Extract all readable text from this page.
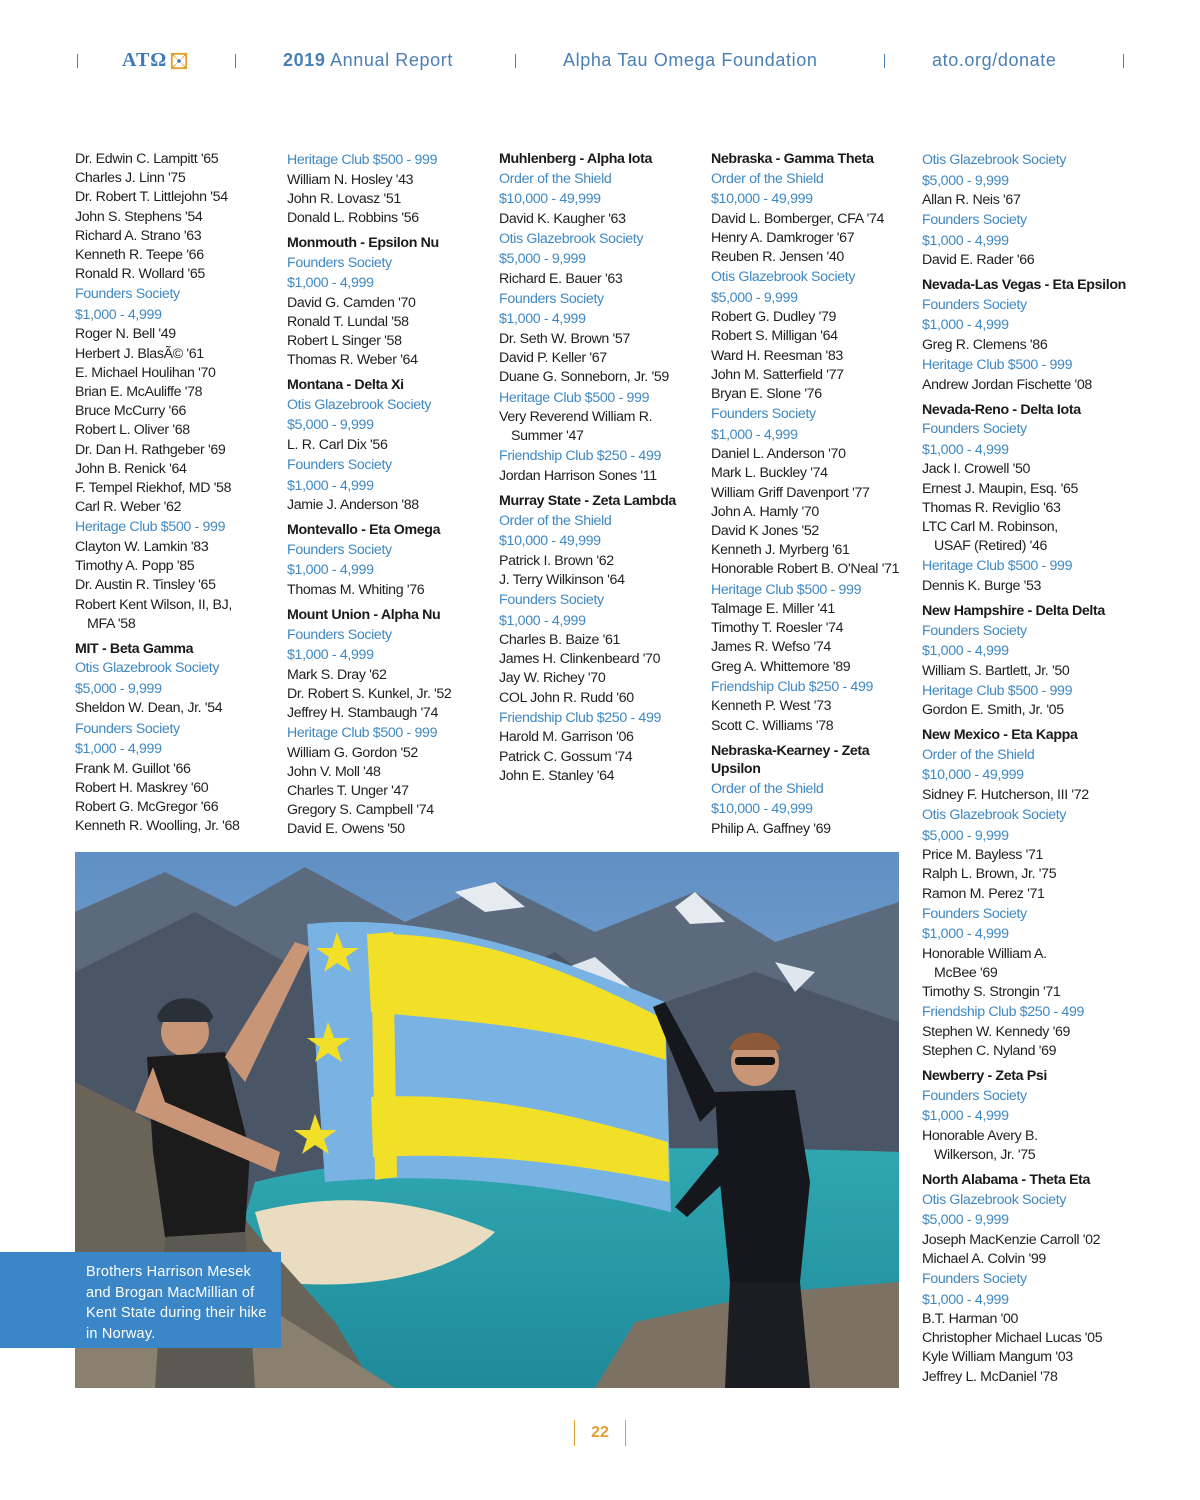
ATΩ	2019 Annual Report	Alpha Tau Omega Foundation	ato.org/donate
Dr. Edwin C. Lampitt '65
Charles J. Linn '75
Dr. Robert T. Littlejohn '54
John S. Stephens '54
Richard A. Strano '63
Kenneth R. Teepe '66
Ronald R. Wollard '65
Founders Society
$1,000 - 4,999
Roger N. Bell '49
Herbert J. BlasÃ© '61
E. Michael Houlihan '70
Brian E. McAuliffe '78
Bruce McCurry '66
Robert L. Oliver '68
Dr. Dan H. Rathgeber '69
John B. Renick '64
F. Tempel Riekhof, MD '58
Carl R. Weber '62
Heritage Club $500 - 999
Clayton W. Lamkin '83
Timothy A. Popp '85
Dr. Austin R. Tinsley '65
Robert Kent Wilson, II, BJ,
MFA '58
MIT - Beta Gamma
Otis Glazebrook Society
$5,000 - 9,999
Sheldon W. Dean, Jr. '54
Founders Society
$1,000 - 4,999
Frank M. Guillot '66
Robert H. Maskrey '60
Robert G. McGregor '66
Kenneth R. Woolling, Jr. '68
Heritage Club $500 - 999
William N. Hosley '43
John R. Lovasz '51
Donald L. Robbins '56
Monmouth - Epsilon Nu
Founders Society
$1,000 - 4,999
David G. Camden '70
Ronald T. Lundal '58
Robert L Singer '58
Thomas R. Weber '64
Montana - Delta Xi
Otis Glazebrook Society
$5,000 - 9,999
L. R. Carl Dix '56
Founders Society
$1,000 - 4,999
Jamie J. Anderson '88
Montevallo - Eta Omega
Founders Society
$1,000 - 4,999
Thomas M. Whiting '76
Mount Union - Alpha Nu
Founders Society
$1,000 - 4,999
Mark S. Dray '62
Dr. Robert S. Kunkel, Jr. '52
Jeffrey H. Stambaugh '74
Heritage Club $500 - 999
William G. Gordon '52
John V. Moll '48
Charles T. Unger '47
Gregory S. Campbell '74
David E. Owens '50
Muhlenberg - Alpha Iota
Order of the Shield
$10,000 - 49,999
David K. Kaugher '63
Otis Glazebrook Society
$5,000 - 9,999
Richard E. Bauer '63
Founders Society
$1,000 - 4,999
Dr. Seth W. Brown '57
David P. Keller '67
Duane G. Sonneborn, Jr. '59
Heritage Club $500 - 999
Very Reverend William R.
Summer '47
Friendship Club $250 - 499
Jordan Harrison Sones '11
Murray State - Zeta Lambda
Order of the Shield
$10,000 - 49,999
Patrick I. Brown '62
J. Terry Wilkinson '64
Founders Society
$1,000 - 4,999
Charles B. Baize '61
James H. Clinkenbeard '70
Jay W. Richey '70
COL John R. Rudd '60
Friendship Club $250 - 499
Harold M. Garrison '06
Patrick C. Gossum '74
John E. Stanley '64
Nebraska - Gamma Theta
Order of the Shield
$10,000 - 49,999
David L. Bomberger, CFA '74
Henry A. Damkroger '67
Reuben R. Jensen '40
Otis Glazebrook Society
$5,000 - 9,999
Robert G. Dudley '79
Robert S. Milligan '64
Ward H. Reesman '83
John M. Satterfield '77
Bryan E. Slone '76
Founders Society
$1,000 - 4,999
Daniel L. Anderson '70
Mark L. Buckley '74
William Griff Davenport '77
John A. Hamly '70
David K Jones '52
Kenneth J. Myrberg '61
Honorable Robert B. O'Neal '71
Heritage Club $500 - 999
Talmage E. Miller '41
Timothy T. Roesler '74
James R. Wefso '74
Greg A. Whittemore '89
Friendship Club $250 - 499
Kenneth P. West '73
Scott C. Williams '78
Nebraska-Kearney - Zeta Upsilon
Order of the Shield
$10,000 - 49,999
Philip A. Gaffney '69
Otis Glazebrook Society
$5,000 - 9,999
Allan R. Neis '67
Founders Society
$1,000 - 4,999
David E. Rader '66
Nevada-Las Vegas - Eta Epsilon
Founders Society
$1,000 - 4,999
Greg R. Clemens '86
Heritage Club $500 - 999
Andrew Jordan Fischette '08
Nevada-Reno - Delta Iota
Founders Society
$1,000 - 4,999
Jack I. Crowell '50
Ernest J. Maupin, Esq. '65
Thomas R. Reviglio '63
LTC Carl M. Robinson,
USAF (Retired) '46
Heritage Club $500 - 999
Dennis K. Burge '53
New Hampshire - Delta Delta
Founders Society
$1,000 - 4,999
William S. Bartlett, Jr. '50
Heritage Club $500 - 999
Gordon E. Smith, Jr. '05
New Mexico - Eta Kappa
Order of the Shield
$10,000 - 49,999
Sidney F. Hutcherson, III '72
Otis Glazebrook Society
$5,000 - 9,999
Price M. Bayless '71
Ralph L. Brown, Jr. '75
Ramon M. Perez '71
Founders Society
$1,000 - 4,999
Honorable William A.
McBee '69
Timothy S. Strongin '71
Friendship Club $250 - 499
Stephen W. Kennedy '69
Stephen C. Nyland '69
Newberry - Zeta Psi
Founders Society
$1,000 - 4,999
Honorable Avery B.
Wilkerson, Jr. '75
North Alabama - Theta Eta
Otis Glazebrook Society
$5,000 - 9,999
Joseph MacKenzie Carroll '02
Michael A. Colvin '99
Founders Society
$1,000 - 4,999
B.T. Harman '00
Christopher Michael Lucas '05
Kyle William Mangum '03
Jeffrey L. McDaniel '78
Brothers Harrison Mesek and Brogan MacMillian of Kent State during their hike in Norway.
22
